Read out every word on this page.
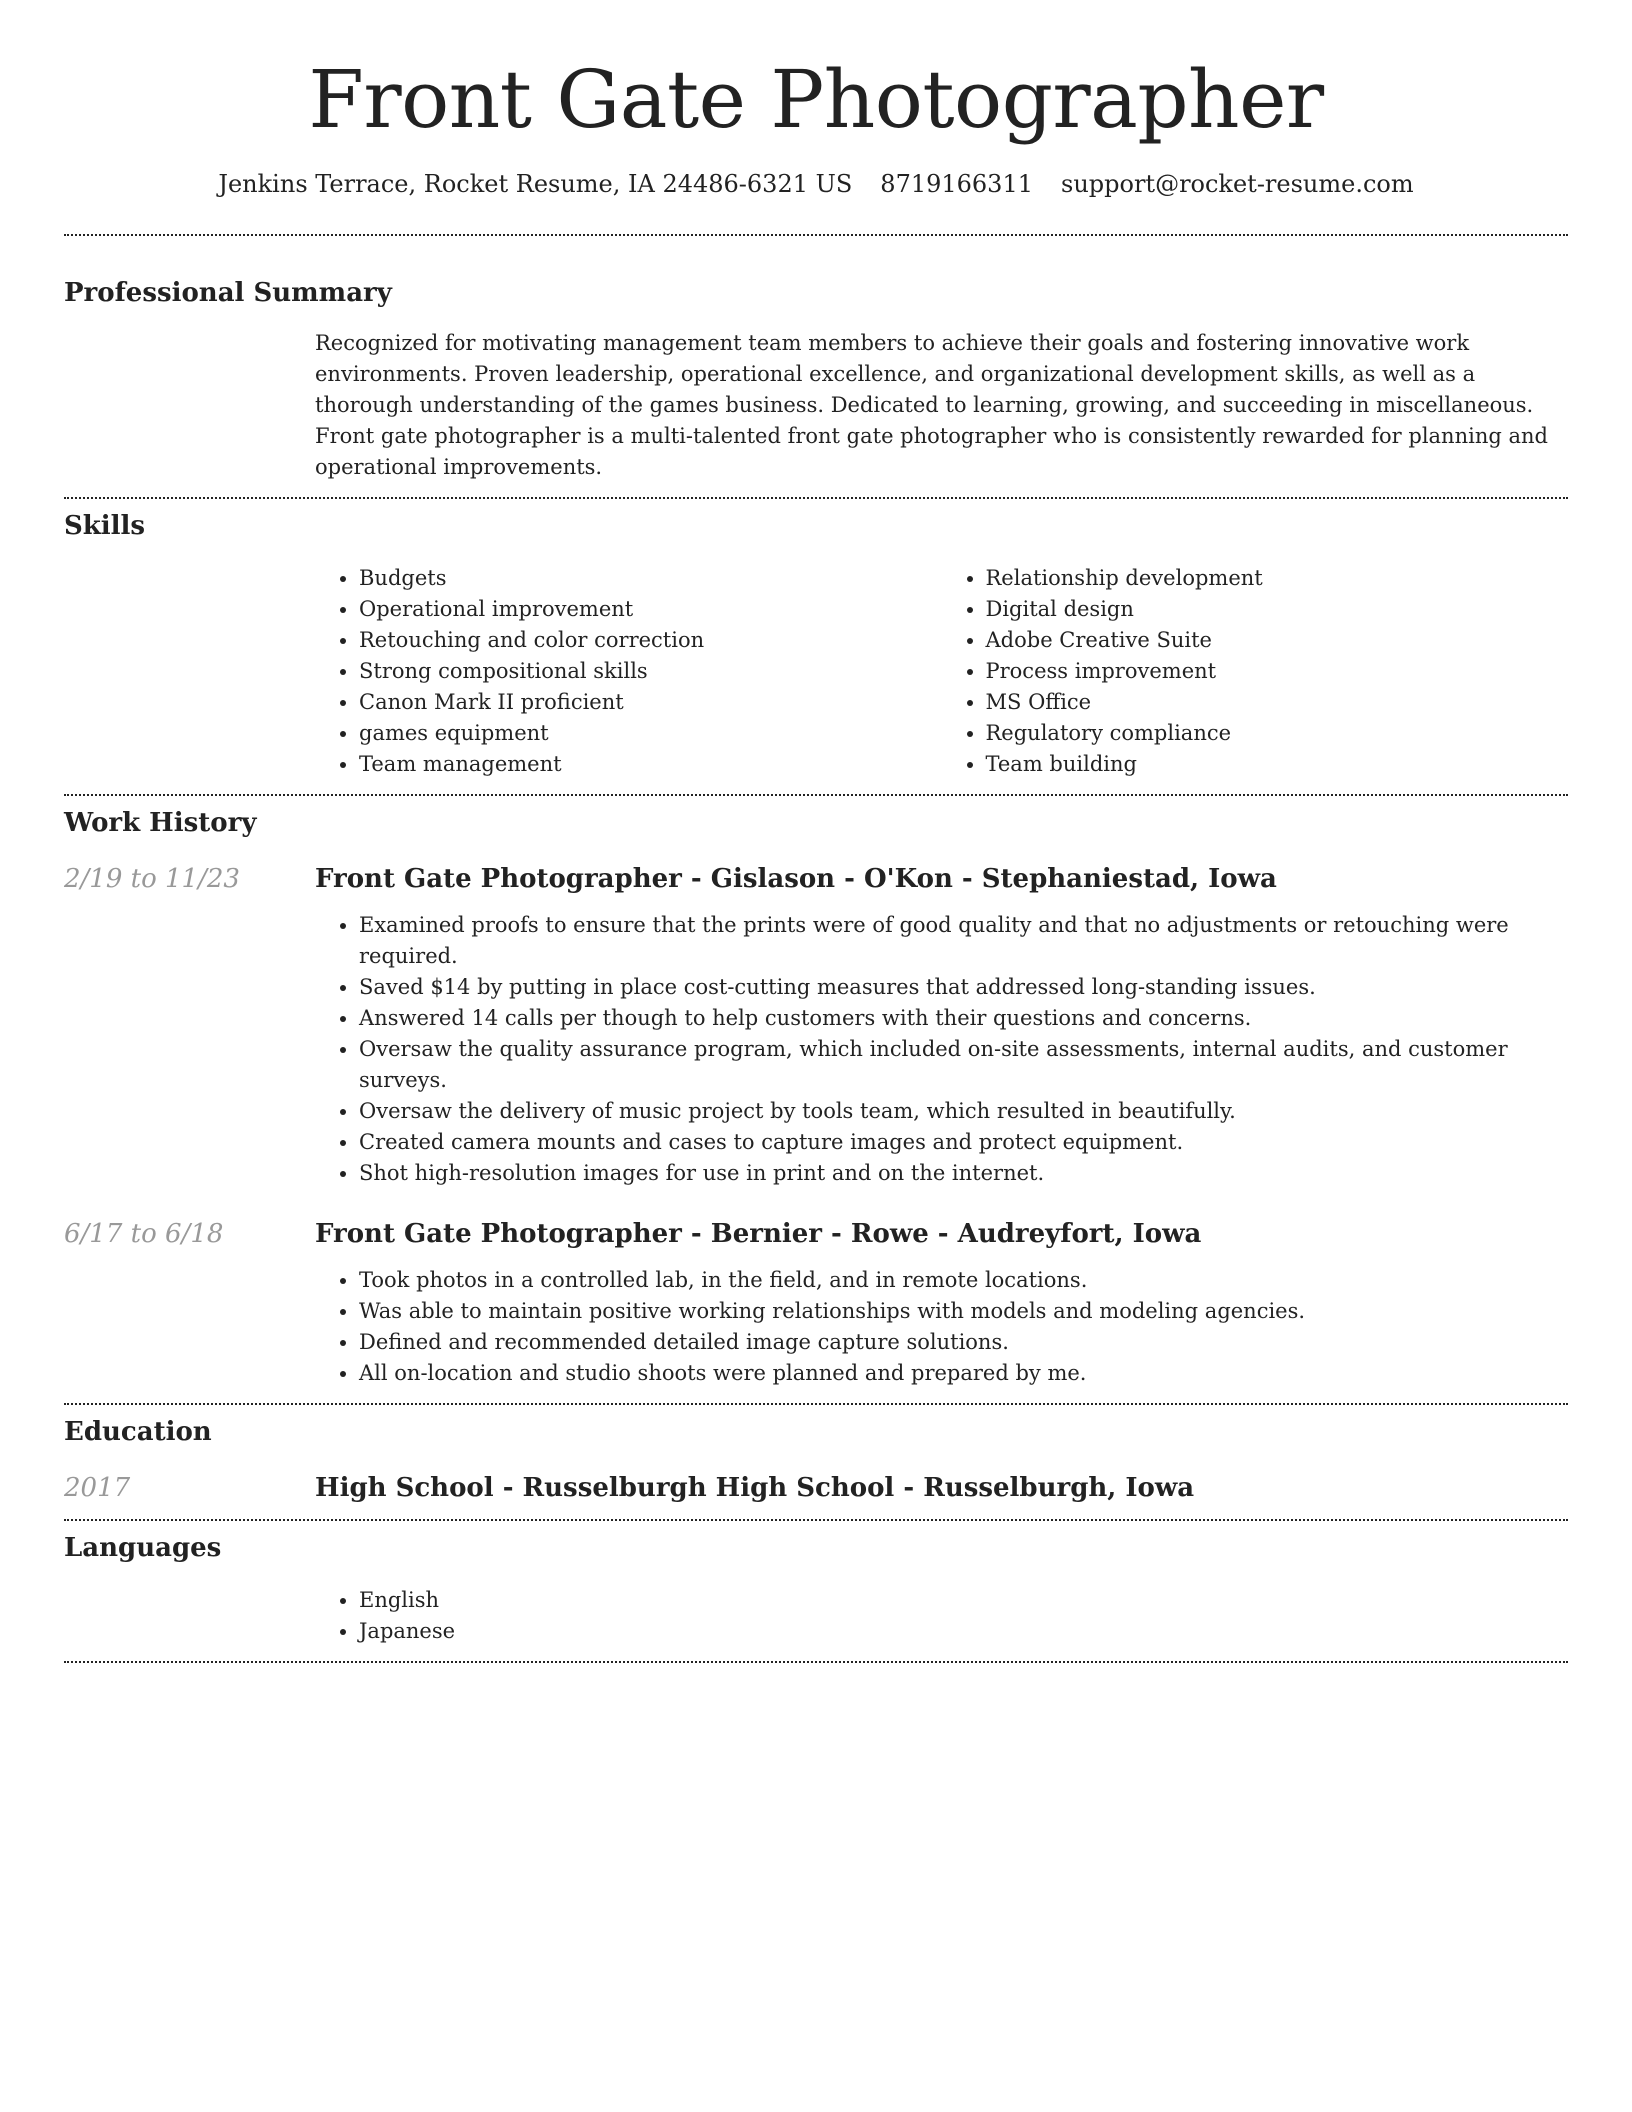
Front Gate Photographer
Jenkins Terrace, Rocket Resume, IA 24486-6321 US 8719166311 support@rocket-resume.com
Professional Summary

Recognized for motivating management team members to achieve their goals and fostering innovative work environments. Proven leadership, operational excellence, and organizational development skills, as well as a thorough understanding of the games business. Dedicated to learning, growing, and succeeding in miscellaneous. Front gate photographer is a multi-talented front gate photographer who is consistently rewarded for planning and operational improvements.

Skills
• Budgets
• Operational improvement
• Retouching and color correction
• Strong compositional skills
• Canon Mark II proficient
• games equipment
• Team management
• Relationship development
• Digital design
• Adobe Creative Suite
• Process improvement
• MS Office
• Regulatory compliance
• Team building
Work History
2/19 to 11/23	Front Gate Photographer - Gislason - O'Kon - Stephaniestad, Iowa
• Examined proofs to ensure that the prints were of good quality and that no adjustments or retouching were required.
• Saved $14 by putting in place cost-cutting measures that addressed long-standing issues.
• Answered 14 calls per though to help customers with their questions and concerns.
• Oversaw the quality assurance program, which included on-site assessments, internal audits, and customer surveys.
• Oversaw the delivery of music project by tools team, which resulted in beautifully.
• Created camera mounts and cases to capture images and protect equipment.
• Shot high-resolution images for use in print and on the internet.
6/17 to 6/18	Front Gate Photographer - Bernier - Rowe - Audreyfort, Iowa
• Took photos in a controlled lab, in the field, and in remote locations.
• Was able to maintain positive working relationships with models and modeling agencies.
• Defined and recommended detailed image capture solutions.
• All on-location and studio shoots were planned and prepared by me.
Education
2017	High School - Russelburgh High School - Russelburgh, Iowa
Languages
• English
• Japanese
